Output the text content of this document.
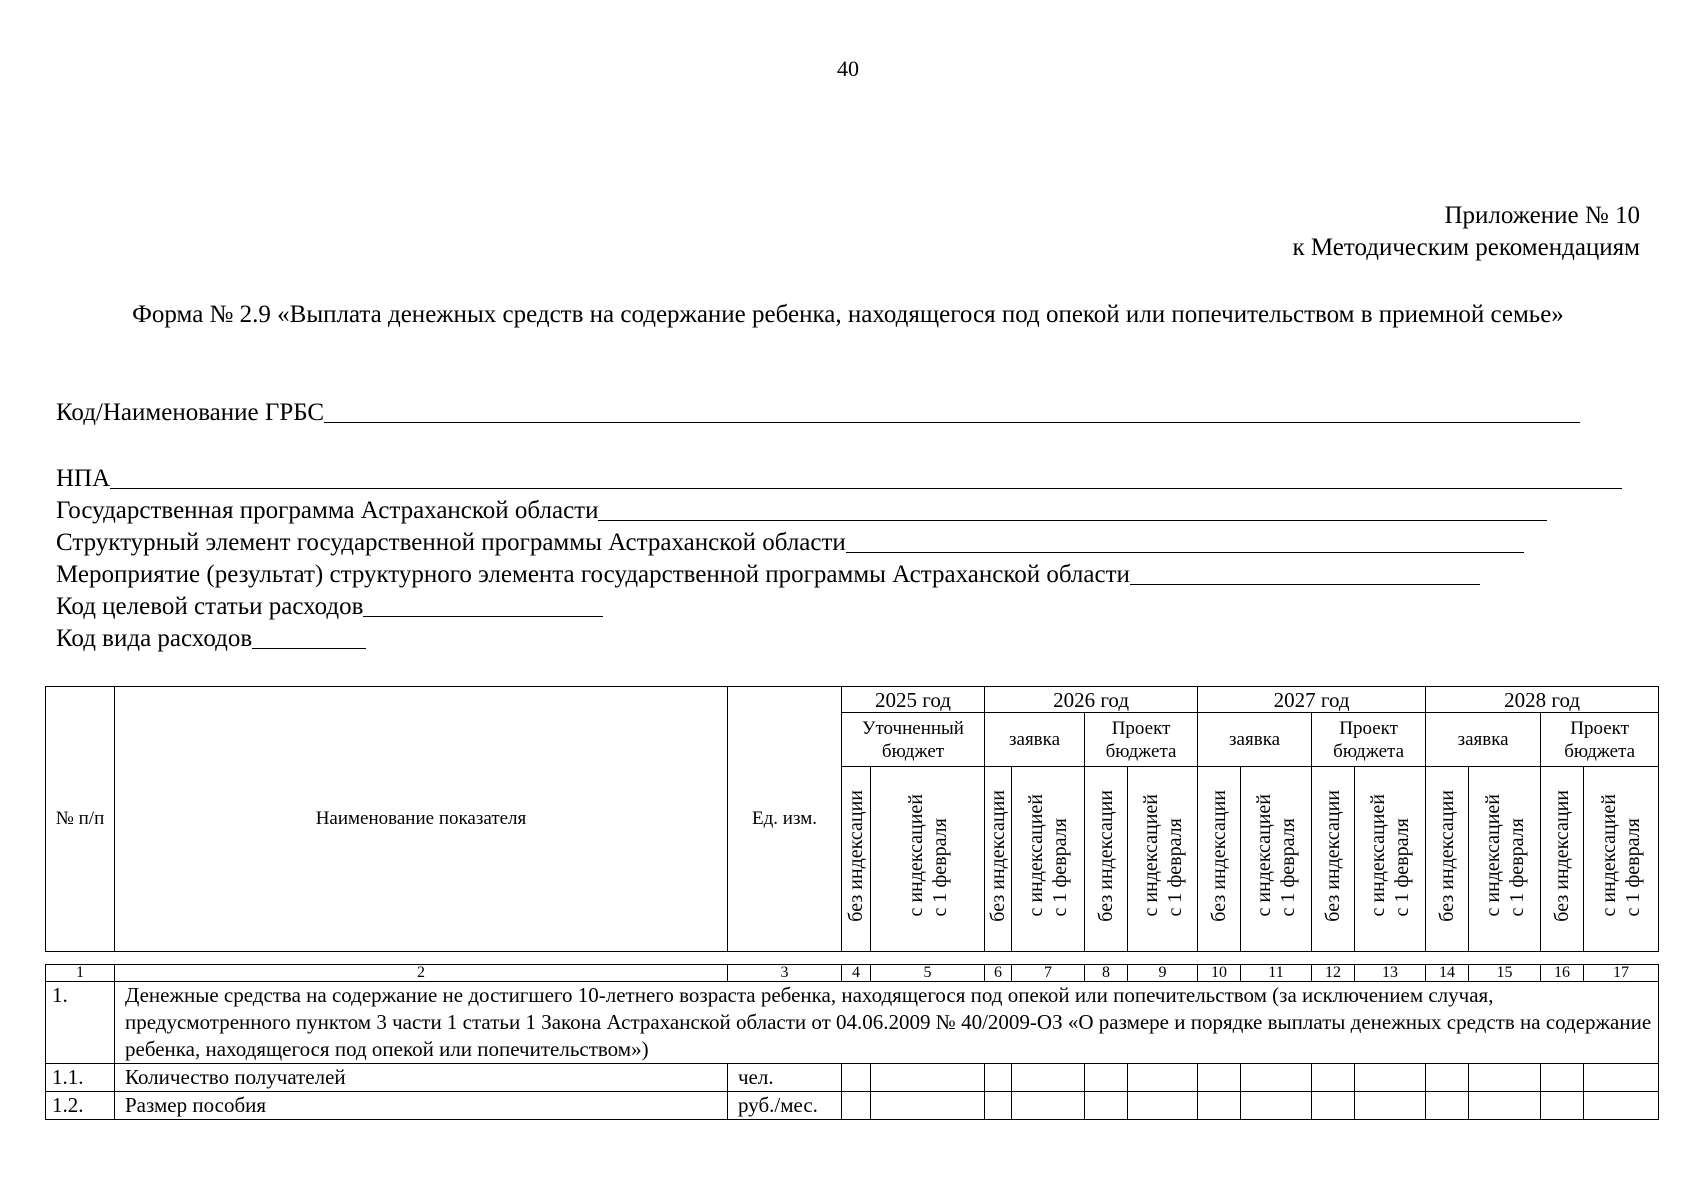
40
Приложение № 10
к Методическим рекомендациям
Форма № 2.9 «Выплата денежных средств на содержание ребенка, находящегося под опекой или попечительством в приемной семье»
Код/Наименование ГРБС
НПА
Государственная программа Астраханской области
Структурный элемент государственной программы Астраханской области
Мероприятие (результат) структурного элемента государственной программы Астраханской области
Код целевой статьи расходов
Код вида расходов
№ п/п	Наименование показателя	Ед. изм.	2025 год		2026 год				2027 год				2028 год			
			Уточненный бюджет		заявка		Проект бюджета		заявка		Проект бюджета		заявка		Проект бюджета	
			без индексации	с индексацией с 1 февраля	без индексации	с индексацией с 1 февраля	без индексации	с индексацией с 1 февраля	без индексации	с индексацией с 1 февраля	без индексации	с индексацией с 1 февраля	без индексации	с индексацией с 1 февраля	без индексации	с индексацией с 1 февраля
1	2	3	4	5	6	7	8	9	10	11	12	13	14	15	16	17
1.	Денежные средства на содержание не достигшего 10-летнего возраста ребенка, находящегося под опекой или попечительством (за исключением случая, предусмотренного пунктом 3 части 1 статьи 1 Закона Астраханской области от 04.06.2009 № 40/2009-ОЗ «О размере и порядке выплаты денежных средств на содержание ребенка, находящегося под опекой или попечительством»)															
1.1.	Количество получателей	чел.														
1.2.	Размер пособия	руб./мес.														
